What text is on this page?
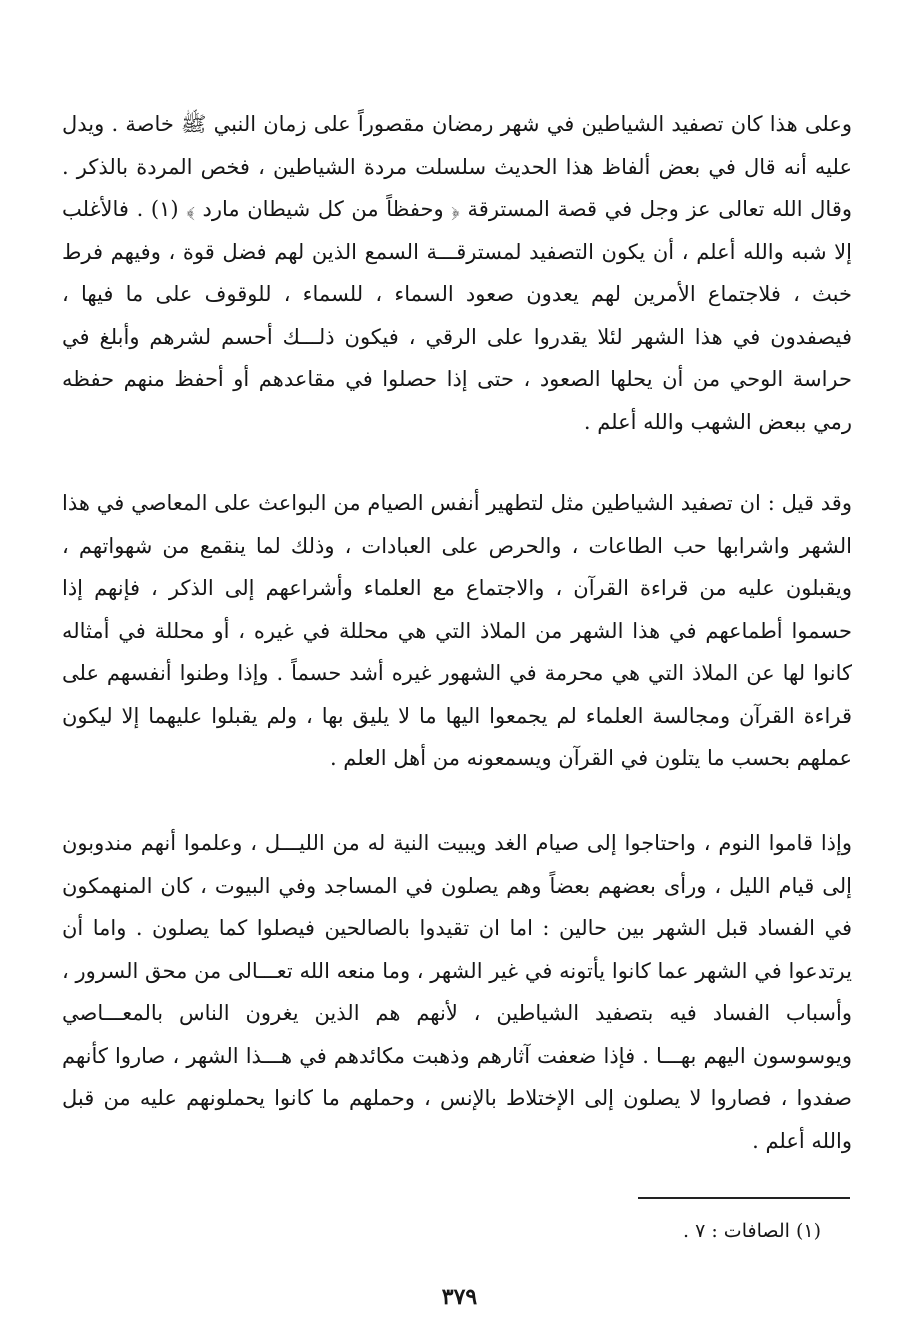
وعلى هذا كان تصفيد الشياطين في شهر رمضان مقصوراً على زمان النبي ﷺ خاصة . ويدل عليه أنه قال في بعض ألفاظ هذا الحديث سلسلت مردة الشياطين ، فخص المردة بالذكر . وقال الله تعالى عز وجل في قصة المسترقة ﴿ وحفظاً من كل شيطان مارد ﴾ (١) . فالأغلب إلا شبه والله أعلم ، أن يكون التصفيد لمسترقـــة السمع الذين لهم فضل قوة ، وفيهم فرط خبث ، فلاجتماع الأمرين لهم يعدون صعود السماء ، للسماء ، للوقوف على ما فيها ، فيصفدون في هذا الشهر لئلا يقدروا على الرقي ، فيكون ذلـــك أحسم لشرهم وأبلغ في حراسة الوحي من أن يحلها الصعود ، حتى إذا حصلوا في مقاعدهم أو أحفظ منهم حفظه رمي ببعض الشهب والله أعلم .

وقد قيل : ان تصفيد الشياطين مثل لتطهير أنفس الصيام من البواعث على المعاصي في هذا الشهر واشرابها حب الطاعات ، والحرص على العبادات ، وذلك لما ينقمع من شهواتهم ، ويقبلون عليه من قراءة القرآن ، والاجتماع مع العلماء وأشراعهم إلى الذكر ، فإنهم إذا حسموا أطماعهم في هذا الشهر من الملاذ التي هي محللة في غيره ، أو محللة في أمثاله كانوا لها عن الملاذ التي هي محرمة في الشهور غيره أشد حسماً . وإذا وطنوا أنفسهم على قراءة القرآن ومجالسة العلماء لم يجمعوا اليها ما لا يليق بها ، ولم يقبلوا عليهما إلا ليكون عملهم بحسب ما يتلون في القرآن ويسمعونه من أهل العلم .

وإذا قاموا النوم ، واحتاجوا إلى صيام الغد ويبيت النية له من الليـــل ، وعلموا أنهم مندوبون إلى قيام الليل ، ورأى بعضهم بعضاً وهم يصلون في المساجد وفي البيوت ، كان المنهمكون في الفساد قبل الشهر بين حالين : اما ان تقيدوا بالصالحين فيصلوا كما يصلون . واما أن يرتدعوا في الشهر عما كانوا يأتونه في غير الشهر ، وما منعه الله تعـــالى من محق السرور ، وأسباب الفساد فيه بتصفيد الشياطين ، لأنهم هم الذين يغرون الناس بالمعـــاصي ويوسوسون اليهم بهـــا . فإذا ضعفت آثارهم وذهبت مكائدهم في هـــذا الشهر ، صاروا كأنهم صفدوا ، فصاروا لا يصلون إلى الإختلاط بالإنس ، وحملهم ما كانوا يحملونهم عليه من قبل والله أعلم .

(١) الصافات : ٧ .

٣٧٩
